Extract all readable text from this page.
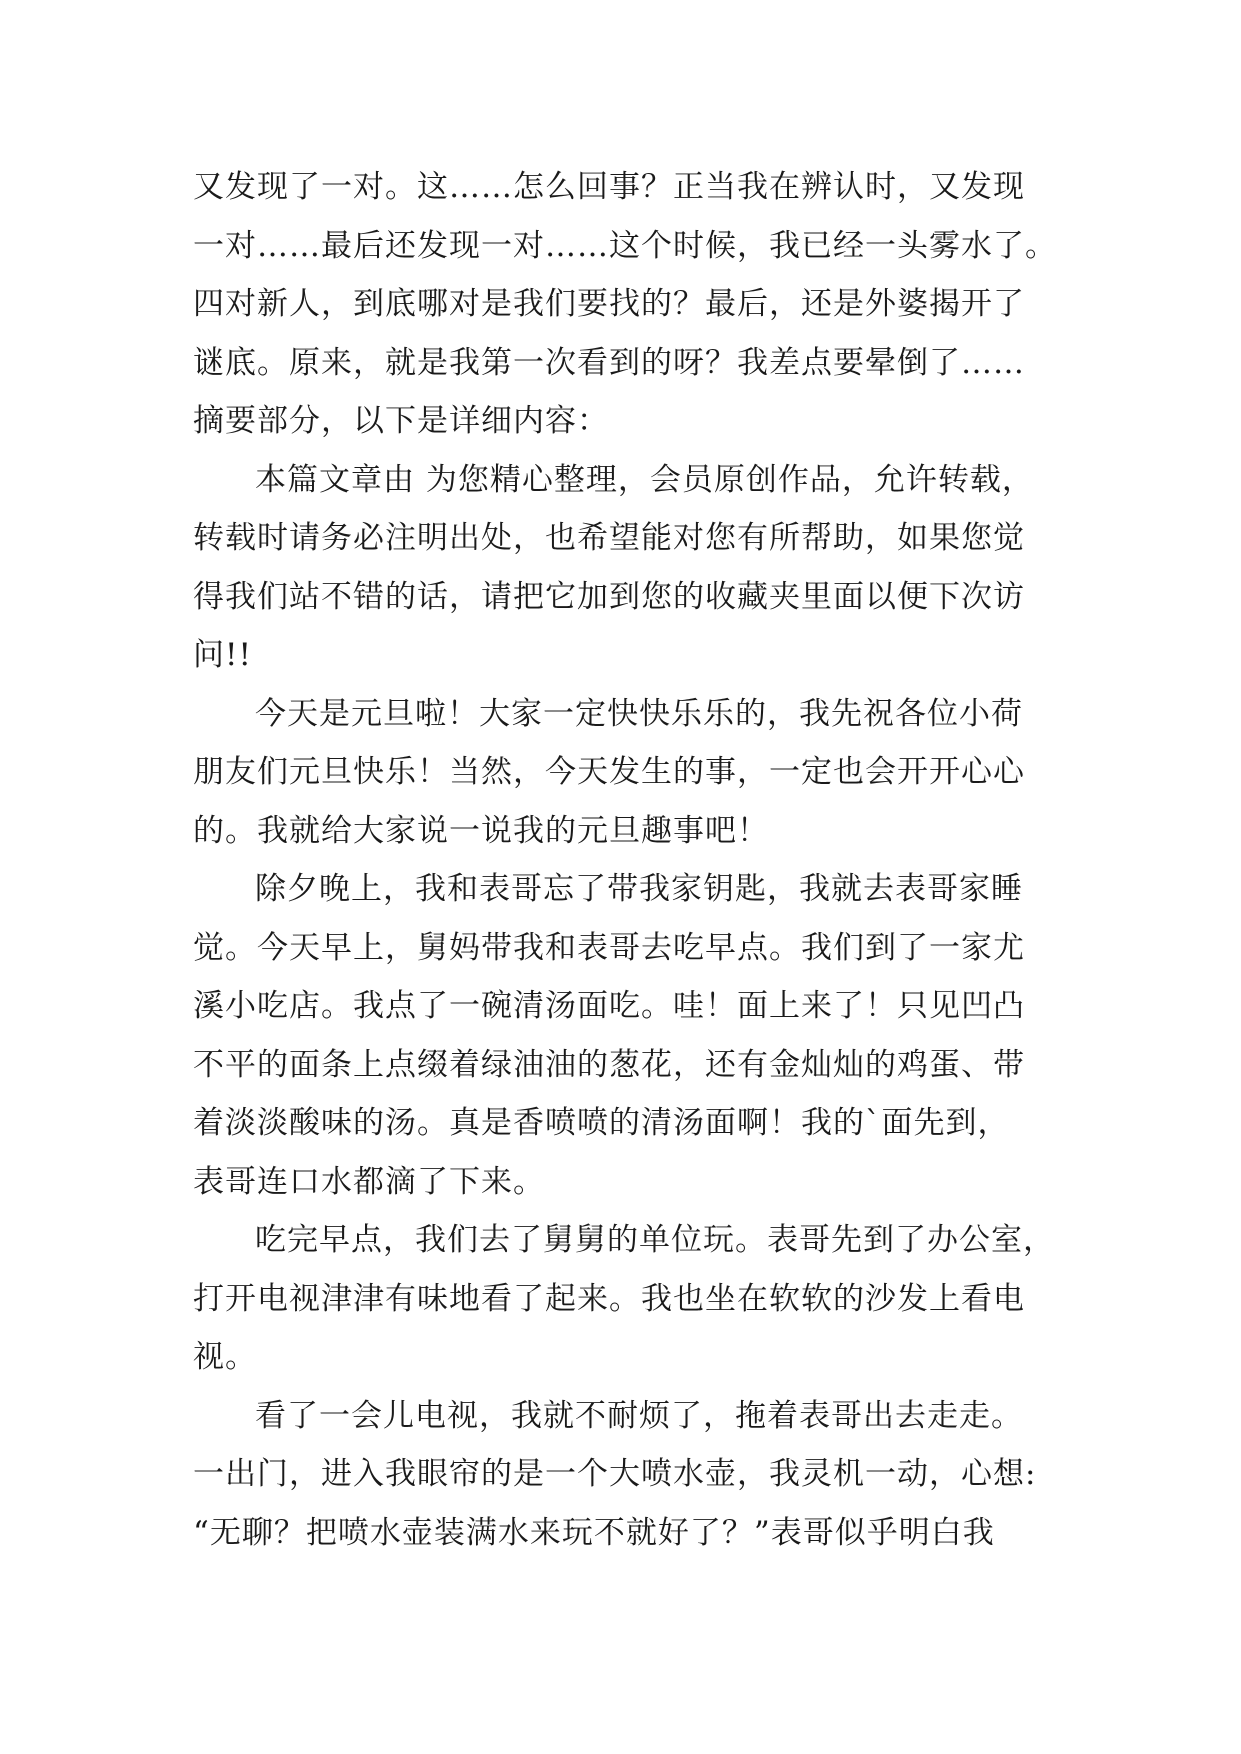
又发现了一对。这……怎么回事？正当我在辨认时，又发现
一对……最后还发现一对……这个时候，我已经一头雾水了。
四对新人，到底哪对是我们要找的？最后，还是外婆揭开了
谜底。原来，就是我第一次看到的呀？我差点要晕倒了……
摘要部分，以下是详细内容：
本篇文章由 为您精心整理，会员原创作品，允许转载，
转载时请务必注明出处，也希望能对您有所帮助，如果您觉
得我们站不错的话，请把它加到您的收藏夹里面以便下次访
问!!
今天是元旦啦！大家一定快快乐乐的，我先祝各位小荷
朋友们元旦快乐！当然，今天发生的事，一定也会开开心心
的。我就给大家说一说我的元旦趣事吧！
除夕晚上，我和表哥忘了带我家钥匙，我就去表哥家睡
觉。今天早上，舅妈带我和表哥去吃早点。我们到了一家尤
溪小吃店。我点了一碗清汤面吃。哇！面上来了！只见凹凸
不平的面条上点缀着绿油油的葱花，还有金灿灿的鸡蛋、带
着淡淡酸味的汤。真是香喷喷的清汤面啊！我的`面先到，
表哥连口水都滴了下来。
吃完早点，我们去了舅舅的单位玩。表哥先到了办公室，
打开电视津津有味地看了起来。我也坐在软软的沙发上看电
视。
看了一会儿电视，我就不耐烦了，拖着表哥出去走走。
一出门，进入我眼帘的是一个大喷水壶，我灵机一动，心想:
“无聊？把喷水壶装满水来玩不就好了？”表哥似乎明白我
